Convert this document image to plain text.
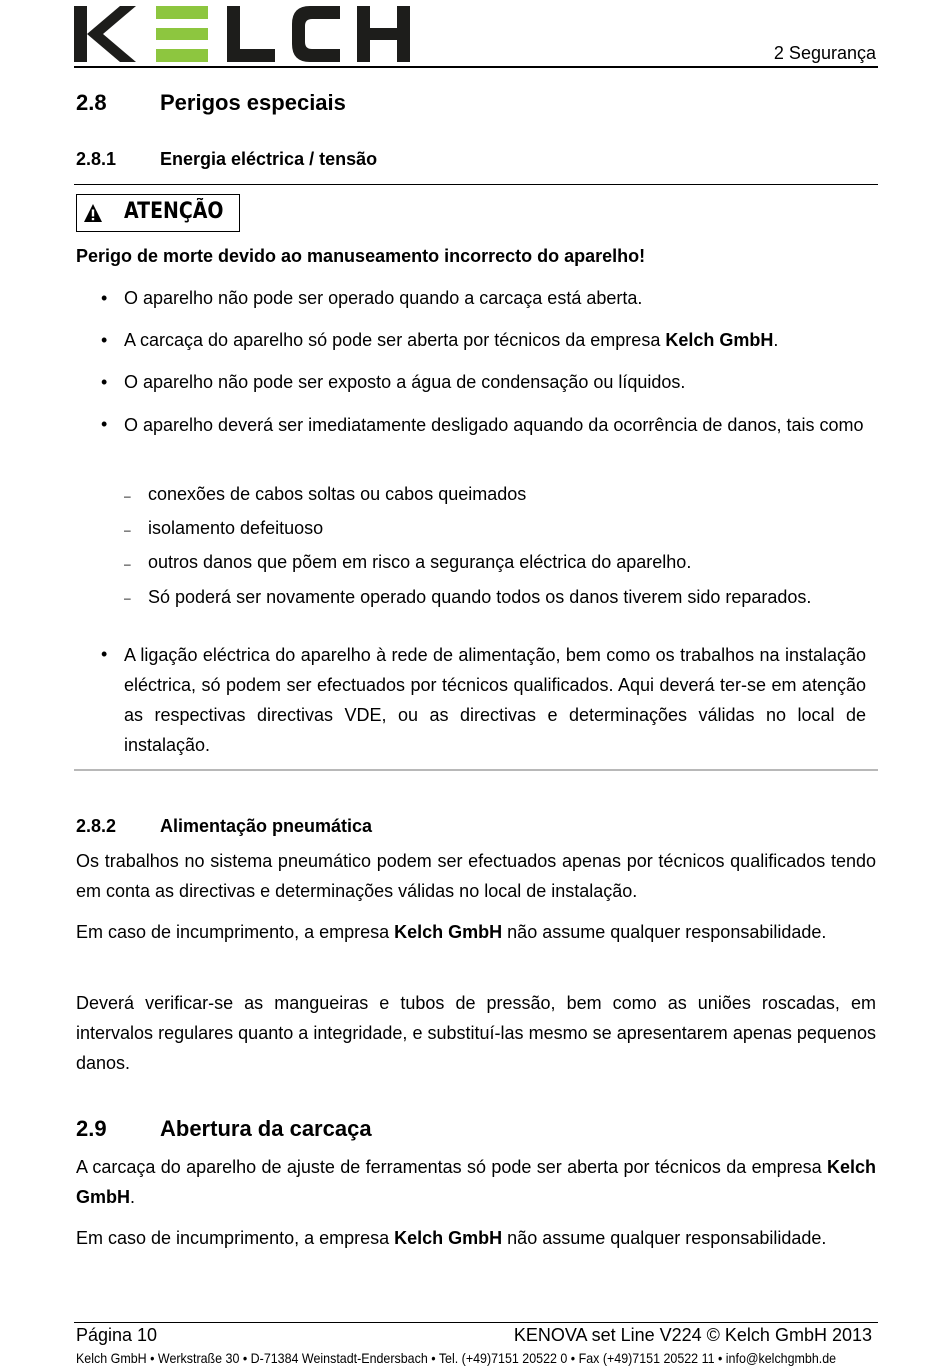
2 Segurança
2.8 Perigos especiais
2.8.1 Energia eléctrica / tensão
ATENÇÃO
Perigo de morte devido ao manuseamento incorrecto do aparelho!
• O aparelho não pode ser operado quando a carcaça está aberta.
• A carcaça do aparelho só pode ser aberta por técnicos da empresa Kelch GmbH.
• O aparelho não pode ser exposto a água de condensação ou líquidos.
• O aparelho deverá ser imediatamente desligado aquando da ocorrência de danos, tais como

– conexões de cabos soltas ou cabos queimados
– isolamento defeituoso
– outros danos que põem em risco a segurança eléctrica do aparelho.
– Só poderá ser novamente operado quando todos os danos tiverem sido reparados.

• A ligação eléctrica do aparelho à rede de alimentação, bem como os trabalhos na instalação eléctrica, só podem ser efectuados por técnicos qualificados. Aqui deverá ter-se em atenção as respectivas directivas VDE, ou as directivas e determinações válidas no local de instalação.

2.8.2 Alimentação pneumática

Os trabalhos no sistema pneumático podem ser efectuados apenas por técnicos qualificados tendo em conta as directivas e determinações válidas no local de instalação.

Em caso de incumprimento, a empresa Kelch GmbH não assume qualquer responsabilidade.

Deverá verificar-se as mangueiras e tubos de pressão, bem como as uniões roscadas, em intervalos regulares quanto a integridade, e substituí-las mesmo se apresentarem apenas pequenos danos.

2.9 Abertura da carcaça

A carcaça do aparelho de ajuste de ferramentas só pode ser aberta por técnicos da empresa Kelch GmbH.

Em caso de incumprimento, a empresa Kelch GmbH não assume qualquer responsabilidade.

Página 10	KENOVA set Line V224 © Kelch GmbH 2013
Kelch GmbH • Werkstraße 30 • D-71384 Weinstadt-Endersbach • Tel. (+49)7151 20522 0 • Fax (+49)7151 20522 11 • info@kelchgmbh.de
